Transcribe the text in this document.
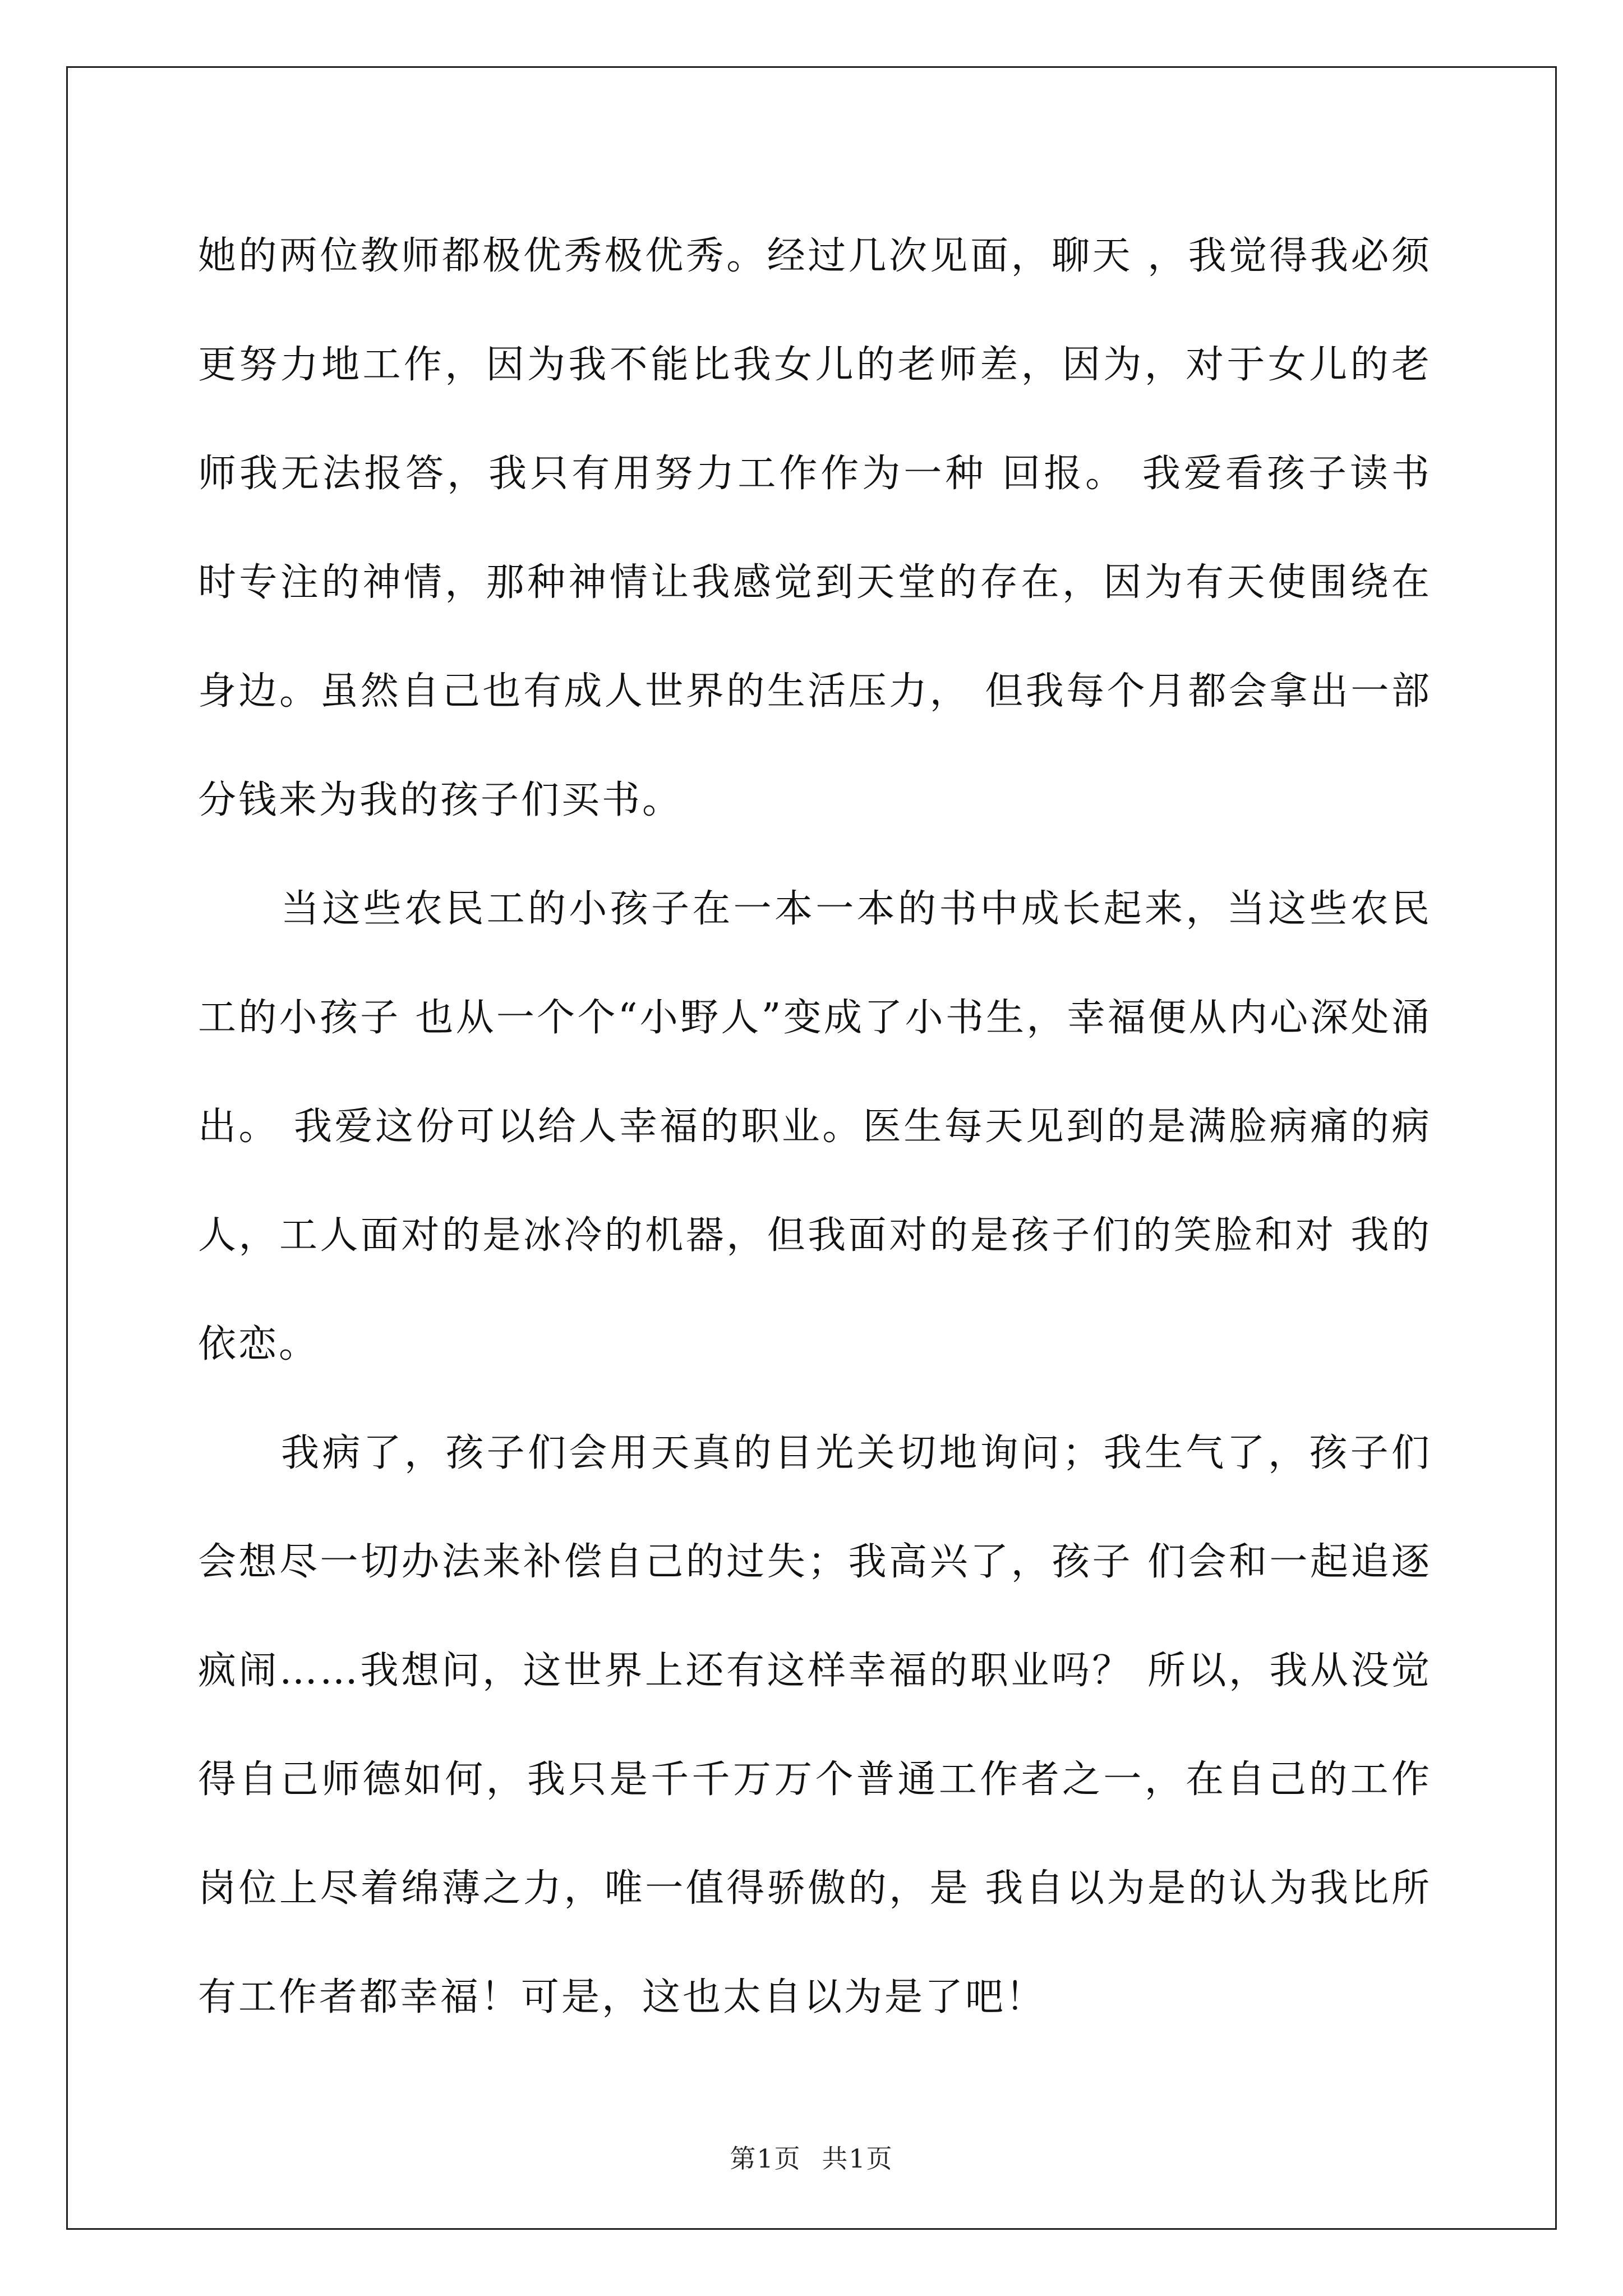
她的两位教师都极优秀极优秀。经过几次见面，聊天 ，我觉得我必须更努力地工作，因为我不能比我女儿的老师差，因为，对于女儿的老师我无法报答，我只有用努力工作作为一种 回报。 我爱看孩子读书时专注的神情，那种神情让我感觉到天堂的存在，因为有天使围绕在身边。虽然自己也有成人世界的生活压力， 但我每个月都会拿出一部分钱来为我的孩子们买书。

当这些农民工的小孩子在一本一本的书中成长起来，当这些农民工的小孩子 也从一个个“小野人”变成了小书生，幸福便从内心深处涌出。 我爱这份可以给人幸福的职业。医生每天见到的是满脸病痛的病人，工人面对的是冰冷的机器，但我面对的是孩子们的笑脸和对 我的依恋。

我病了，孩子们会用天真的目光关切地询问；我生气了，孩子们会想尽一切办法来补偿自己的过失；我高兴了，孩子 们会和一起追逐疯闹……我想问，这世界上还有这样幸福的职业吗？ 所以，我从没觉得自己师德如何，我只是千千万万个普通工作者之一，在自己的工作岗位上尽着绵薄之力，唯一值得骄傲的，是 我自以为是的认为我比所有工作者都幸福！可是，这也太自以为是了吧！

第1页 共1页
